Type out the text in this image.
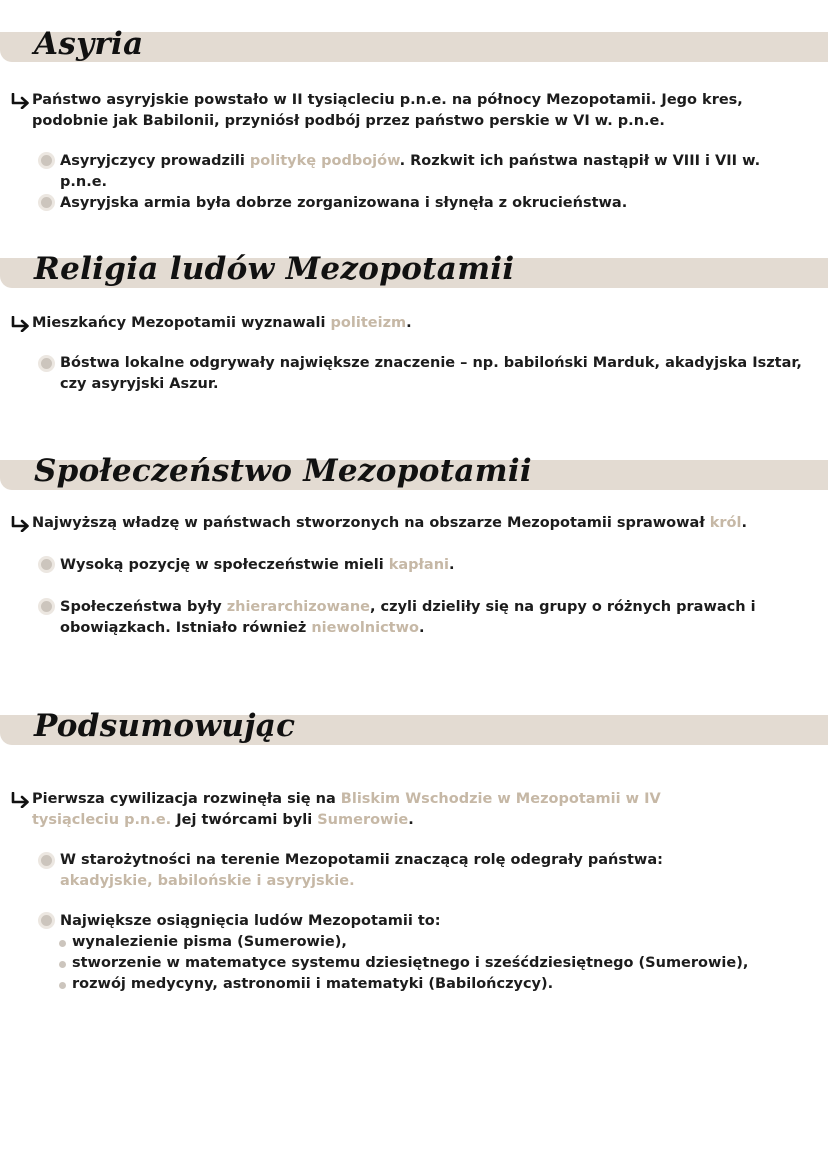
Asyria

Państwo asyryjskie powstało w II tysiącleciu p.n.e. na północy Mezopotamii. Jego kres, podobnie jak Babilonii, przyniósł podbój przez państwo perskie w VI w. p.n.e.

Asyryjczycy prowadzili politykę podbojów. Rozkwit ich państwa nastąpił w VIII i VII w. p.n.e.

Asyryjska armia była dobrze zorganizowana i słynęła z okrucieństwa.

Religia ludów Mezopotamii

Mieszkańcy Mezopotamii wyznawali politeizm.

Bóstwa lokalne odgrywały największe znaczenie – np. babiloński Marduk, akadyjska Isztar, czy asyryjski Aszur.

Społeczeństwo Mezopotamii

Najwyższą władzę w państwach stworzonych na obszarze Mezopotamii sprawował król.

Wysoką pozycję w społeczeństwie mieli kapłani.

Społeczeństwa były zhierarchizowane, czyli dzieliły się na grupy o różnych prawach i obowiązkach. Istniało również niewolnictwo.

Podsumowując

Pierwsza cywilizacja rozwinęła się na Bliskim Wschodzie w Mezopotamii w IV tysiącleciu p.n.e. Jej twórcami byli Sumerowie.

W starożytności na terenie Mezopotamii znaczącą rolę odegrały państwa: akadyjskie, babilońskie i asyryjskie.

Największe osiągnięcia ludów Mezopotamii to:

wynalezienie pisma (Sumerowie),
stworzenie w matematyce systemu dziesiętnego i sześćdziesiętnego (Sumerowie),
rozwój medycyny, astronomii i matematyki (Babilończycy).
